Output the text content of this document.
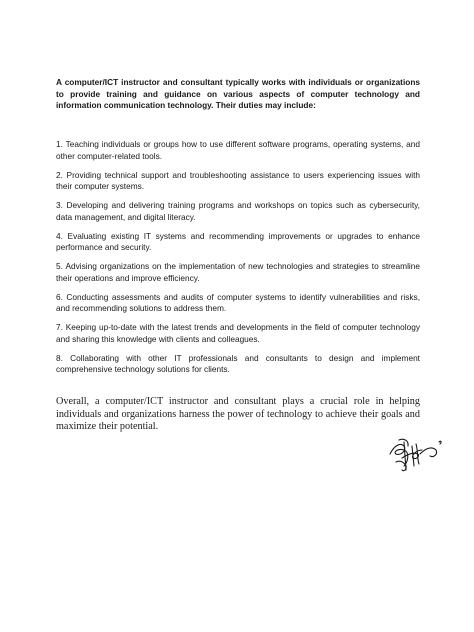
A computer/ICT instructor and consultant typically works with individuals or organizations to provide training and guidance on various aspects of computer technology and information communication technology. Their duties may include:

1. Teaching individuals or groups how to use different software programs, operating systems, and other computer-related tools.
2. Providing technical support and troubleshooting assistance to users experiencing issues with their computer systems.
3. Developing and delivering training programs and workshops on topics such as cybersecurity, data management, and digital literacy.
4. Evaluating existing IT systems and recommending improvements or upgrades to enhance performance and security.
5. Advising organizations on the implementation of new technologies and strategies to streamline their operations and improve efficiency.
6. Conducting assessments and audits of computer systems to identify vulnerabilities and risks, and recommending solutions to address them.
7. Keeping up-to-date with the latest trends and developments in the field of computer technology and sharing this knowledge with clients and colleagues.
8. Collaborating with other IT professionals and consultants to design and implement comprehensive technology solutions for clients.

Overall, a computer/ICT instructor and consultant plays a crucial role in helping individuals and organizations harness the power of technology to achieve their goals and maximize their potential.
